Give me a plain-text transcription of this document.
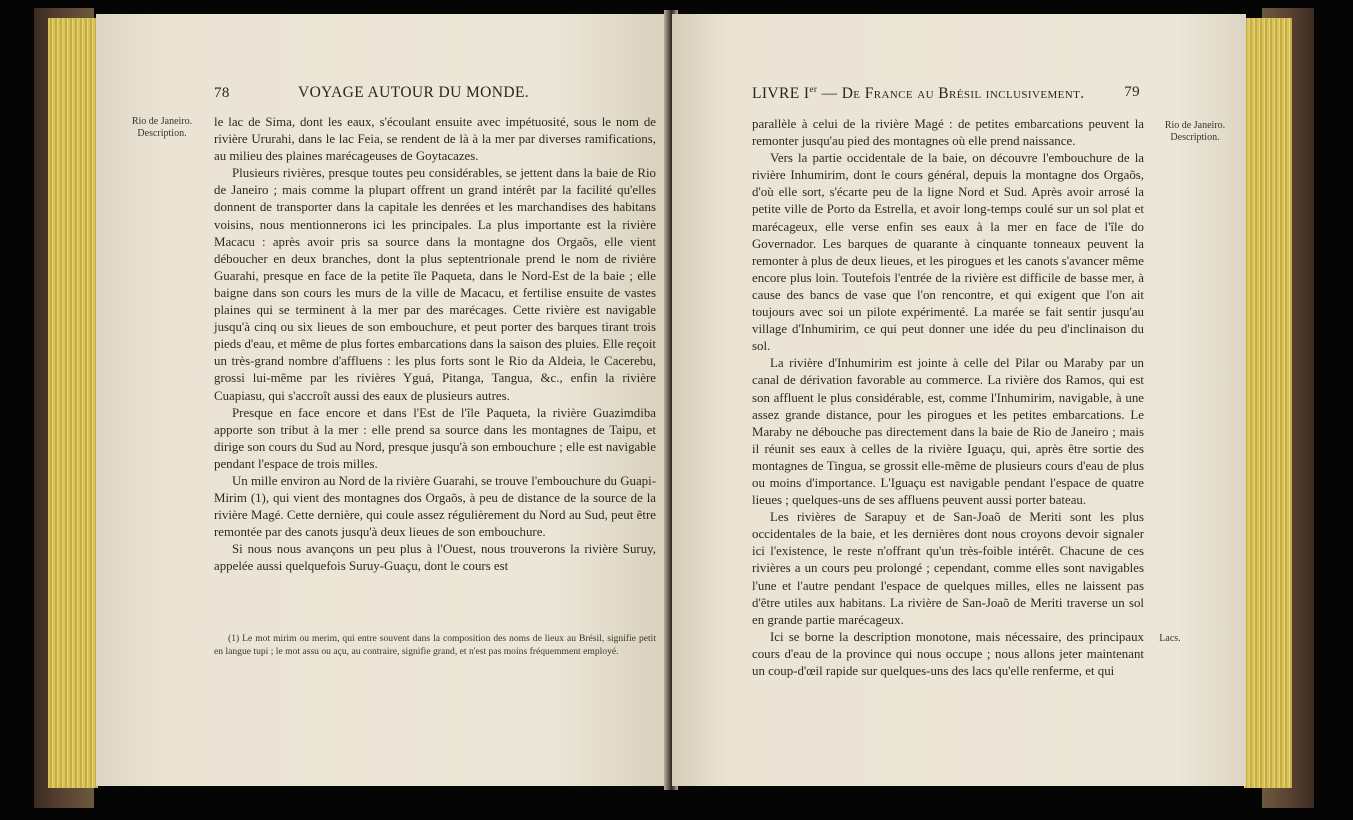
Rio de Janeiro.
Description.
78	VOYAGE AUTOUR DU MONDE.

le lac de Sima, dont les eaux, s'écoulant ensuite avec impétuosité, sous le nom de rivière Ururahi, dans le lac Feia, se rendent de là à la mer par diverses ramifications, au milieu des plaines marécageuses de Goytacazes.

Plusieurs rivières, presque toutes peu considérables, se jettent dans la baie de Rio de Janeiro ; mais comme la plupart offrent un grand intérêt par la facilité qu'elles donnent de transporter dans la capitale les denrées et les marchandises des habitans voisins, nous mentionnerons ici les principales. La plus importante est la rivière Macacu : après avoir pris sa source dans la montagne dos Orgaõs, elle vient déboucher en deux branches, dont la plus septentrionale prend le nom de rivière Guarahi, presque en face de la petite île Paqueta, dans le Nord-Est de la baie ; elle baigne dans son cours les murs de la ville de Macacu, et fertilise ensuite de vastes plaines qui se terminent à la mer par des marécages. Cette rivière est navigable jusqu'à cinq ou six lieues de son embouchure, et peut porter des barques tirant trois pieds d'eau, et même de plus fortes embarcations dans la saison des pluies. Elle reçoit un très-grand nombre d'affluens : les plus forts sont le Rio da Aldeia, le Cacerebu, grossi lui-même par les rivières Yguá, Pitanga, Tangua, &c., enfin la rivière Cuapiasu, qui s'accroît aussi des eaux de plusieurs autres.

Presque en face encore et dans l'Est de l'île Paqueta, la rivière Guazimdiba apporte son tribut à la mer : elle prend sa source dans les montagnes de Taipu, et dirige son cours du Sud au Nord, presque jusqu'à son embouchure ; elle est navigable pendant l'espace de trois milles.

Un mille environ au Nord de la rivière Guarahi, se trouve l'embouchure du Guapi-Mirim (1), qui vient des montagnes dos Orgaõs, à peu de distance de la source de la rivière Magé. Cette dernière, qui coule assez régulièrement du Nord au Sud, peut être remontée par des canots jusqu'à deux lieues de son embouchure.

Si nous nous avançons un peu plus à l'Ouest, nous trouverons la rivière Suruy, appelée aussi quelquefois Suruy-Guaçu, dont le cours est

(1) Le mot mirim ou merim, qui entre souvent dans la composition des noms de lieux au Brésil, signifie petit en langue tupi ; le mot assu ou açu, au contraire, signifie grand, et n'est pas moins fréquemment employé.

LIVRE Ier — De France au Brésil inclusivement.	79

parallèle à celui de la rivière Magé : de petites embarcations peuvent la remonter jusqu'au pied des montagnes où elle prend naissance.

Vers la partie occidentale de la baie, on découvre l'embouchure de la rivière Inhumirim, dont le cours général, depuis la montagne dos Orgaõs, d'où elle sort, s'écarte peu de la ligne Nord et Sud. Après avoir arrosé la petite ville de Porto da Estrella, et avoir long-temps coulé sur un sol plat et marécageux, elle verse enfin ses eaux à la mer en face de l'île do Governador. Les barques de quarante à cinquante tonneaux peuvent la remonter à plus de deux lieues, et les pirogues et les canots s'avancer même encore plus loin. Toutefois l'entrée de la rivière est difficile de basse mer, à cause des bancs de vase que l'on rencontre, et qui exigent que l'on ait toujours avec soi un pilote expérimenté. La marée se fait sentir jusqu'au village d'Inhumirim, ce qui peut donner une idée du peu d'inclinaison du sol.

La rivière d'Inhumirim est jointe à celle del Pilar ou Maraby par un canal de dérivation favorable au commerce. La rivière dos Ramos, qui est son affluent le plus considérable, est, comme l'Inhumirim, navigable, à une assez grande distance, pour les pirogues et les petites embarcations. Le Maraby ne débouche pas directement dans la baie de Rio de Janeiro ; mais il réunit ses eaux à celles de la rivière Iguaçu, qui, après être sortie des montagnes de Tingua, se grossit elle-même de plusieurs cours d'eau de plus ou moins d'importance. L'Iguaçu est navigable pendant l'espace de quatre lieues ; quelques-uns de ses affluens peuvent aussi porter bateau.

Les rivières de Sarapuy et de San-Joaõ de Meriti sont les plus occidentales de la baie, et les dernières dont nous croyons devoir signaler ici l'existence, le reste n'offrant qu'un très-foible intérêt. Chacune de ces rivières a un cours peu prolongé ; cependant, comme elles sont navigables l'une et l'autre pendant l'espace de quelques milles, elles ne laissent pas d'être utiles aux habitans. La rivière de San-Joaõ de Meriti traverse un sol en grande partie marécageux.

Ici se borne la description monotone, mais nécessaire, des principaux cours d'eau de la province qui nous occupe ; nous allons jeter maintenant un coup-d'œil rapide sur quelques-uns des lacs qu'elle renferme, et qui

Rio de Janeiro.
Description.
Lacs.
